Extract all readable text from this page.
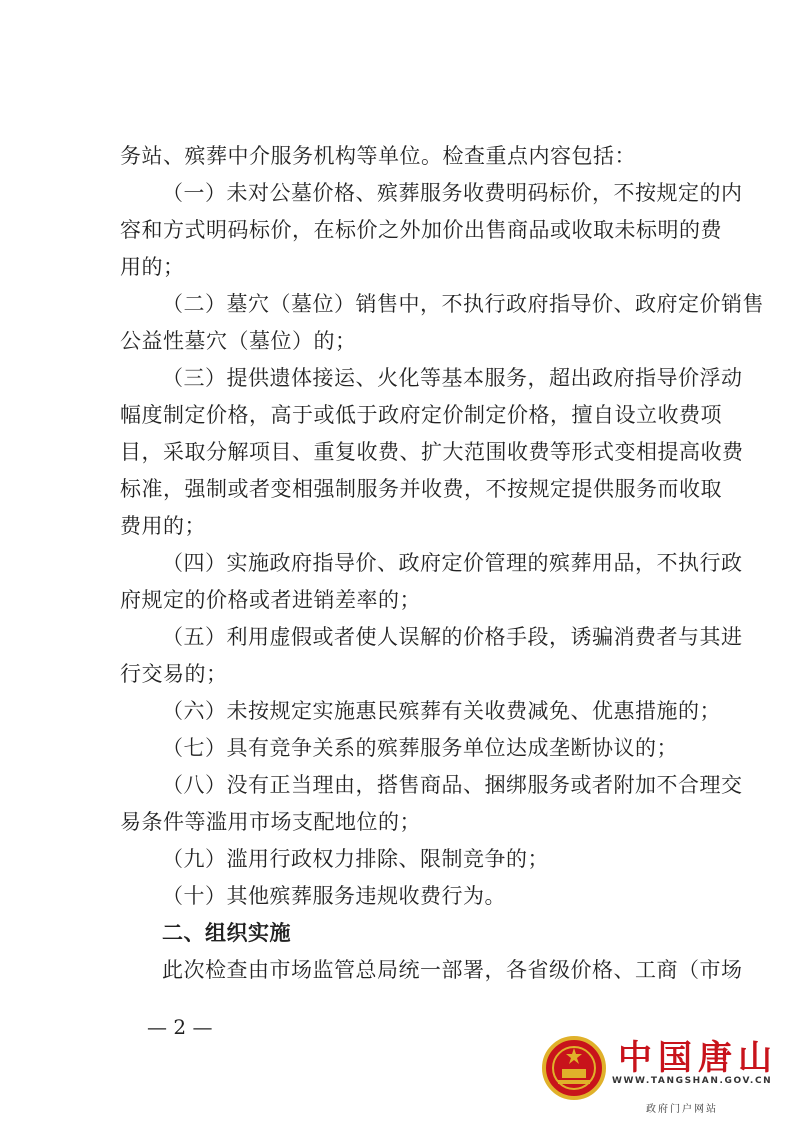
务站、殡葬中介服务机构等单位。检查重点内容包括：
（一）未对公墓价格、殡葬服务收费明码标价，不按规定的内
容和方式明码标价，在标价之外加价出售商品或收取未标明的费
用的；
（二）墓穴（墓位）销售中，不执行政府指导价、政府定价销售
公益性墓穴（墓位）的；
（三）提供遗体接运、火化等基本服务，超出政府指导价浮动
幅度制定价格，高于或低于政府定价制定价格，擅自设立收费项
目，采取分解项目、重复收费、扩大范围收费等形式变相提高收费
标准，强制或者变相强制服务并收费，不按规定提供服务而收取
费用的；
（四）实施政府指导价、政府定价管理的殡葬用品，不执行政
府规定的价格或者进销差率的；
（五）利用虚假或者使人误解的价格手段，诱骗消费者与其进
行交易的；
（六）未按规定实施惠民殡葬有关收费减免、优惠措施的；
（七）具有竞争关系的殡葬服务单位达成垄断协议的；
（八）没有正当理由，搭售商品、捆绑服务或者附加不合理交
易条件等滥用市场支配地位的；
（九）滥用行政权力排除、限制竞争的；
（十）其他殡葬服务违规收费行为。
二、组织实施
此次检查由市场监管总局统一部署，各省级价格、工商（市场
— 2 —
中国唐山
WWW.TANGSHAN.GOV.CN
政府门户网站
